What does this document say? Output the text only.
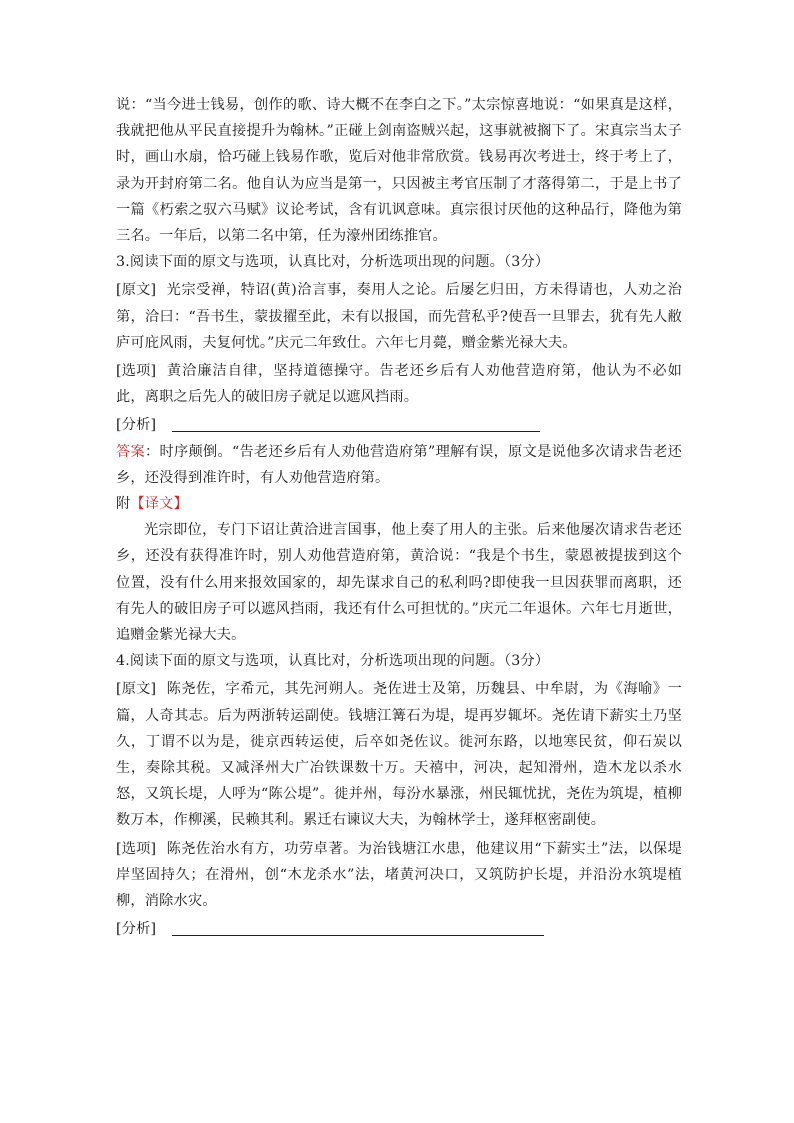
说：“当今进士钱易，创作的歌、诗大概不在李白之下。”太宗惊喜地说：“如果真是这样，我就把他从平民直接提升为翰林。”正碰上剑南盗贼兴起，这事就被搁下了。宋真宗当太子时，画山水扇，恰巧碰上钱易作歌，览后对他非常欣赏。钱易再次考进士，终于考上了，录为开封府第二名。他自认为应当是第一，只因被主考官压制了才落得第二，于是上书了一篇《朽索之驭六马赋》议论考试，含有讥讽意味。真宗很讨厌他的这种品行，降他为第三名。一年后，以第二名中第，任为濠州团练推官。

3.阅读下面的原文与选项，认真比对，分析选项出现的问题。（3分）

[原文] 光宗受禅，特诏(黄)洽言事，奏用人之论。后屡乞归田，方未得请也，人劝之治第，洽曰：“吾书生，蒙拔擢至此，未有以报国，而先营私乎?使吾一旦罪去，犹有先人敝庐可庇风雨，夫复何忧。”庆元二年致仕。六年七月薨，赠金紫光禄大夫。

[选项] 黄洽廉洁自律，坚持道德操守。告老还乡后有人劝他营造府第，他认为不必如此，离职之后先人的破旧房子就足以遮风挡雨。

[分析]

答案：时序颠倒。“告老还乡后有人劝他营造府第”理解有误，原文是说他多次请求告老还乡，还没得到准许时，有人劝他营造府第。

附【译文】

光宗即位，专门下诏让黄洽进言国事，他上奏了用人的主张。后来他屡次请求告老还乡，还没有获得准许时，别人劝他营造府第，黄洽说：“我是个书生，蒙恩被提拔到这个位置，没有什么用来报效国家的，却先谋求自己的私利吗?即使我一旦因获罪而离职，还有先人的破旧房子可以遮风挡雨，我还有什么可担忧的。”庆元二年退休。六年七月逝世，追赠金紫光禄大夫。

4.阅读下面的原文与选项，认真比对，分析选项出现的问题。（3分）

[原文] 陈尧佐，字希元，其先河朔人。尧佐进士及第，历魏县、中牟尉，为《海喻》一篇，人奇其志。后为两浙转运副使。钱塘江篝石为堤，堤再岁辄坏。尧佐请下薪实土乃坚久，丁谓不以为是，徙京西转运使，后卒如尧佐议。徙河东路，以地寒民贫，仰石炭以生，奏除其税。又减泽州大广冶铁课数十万。天禧中，河决，起知滑州，造木龙以杀水怒，又筑长堤，人呼为“陈公堤”。徙并州，每汾水暴涨，州民辄忧扰，尧佐为筑堤，植柳数万本，作柳溪，民赖其利。累迁右谏议大夫，为翰林学士，遂拜枢密副使。

[选项] 陈尧佐治水有方，功劳卓著。为治钱塘江水患，他建议用“下薪实土”法，以保堤岸坚固持久；在滑州，创“木龙杀水”法，堵黄河决口，又筑防护长堤，并沿汾水筑堤植柳，消除水灾。

[分析]
